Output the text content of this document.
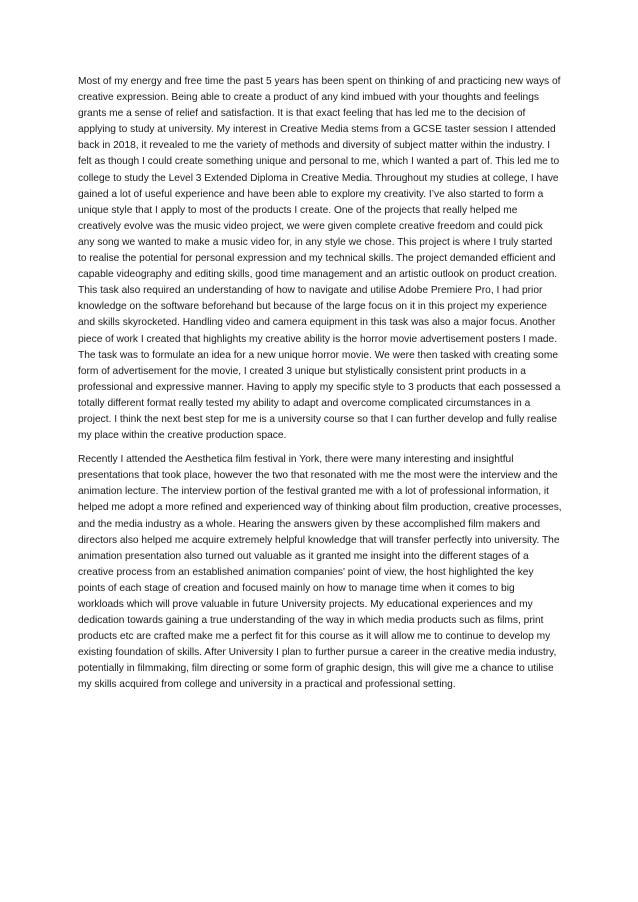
Most of my energy and free time the past 5 years has been spent on thinking of and practicing new ways of creative expression. Being able to create a product of any kind imbued with your thoughts and feelings grants me a sense of relief and satisfaction. It is that exact feeling that has led me to the decision of applying to study at university. My interest in Creative Media stems from a GCSE taster session I attended back in 2018, it revealed to me the variety of methods and diversity of subject matter within the industry. I felt as though I could create something unique and personal to me, which I wanted a part of. This led me to college to study the Level 3 Extended Diploma in Creative Media. Throughout my studies at college, I have gained a lot of useful experience and have been able to explore my creativity. I’ve also started to form a unique style that I apply to most of the products I create. One of the projects that really helped me creatively evolve was the music video project, we were given complete creative freedom and could pick any song we wanted to make a music video for, in any style we chose. This project is where I truly started to realise the potential for personal expression and my technical skills. The project demanded efficient and capable videography and editing skills, good time management and an artistic outlook on product creation. This task also required an understanding of how to navigate and utilise Adobe Premiere Pro, I had prior knowledge on the software beforehand but because of the large focus on it in this project my experience and skills skyrocketed. Handling video and camera equipment in this task was also a major focus. Another piece of work I created that highlights my creative ability is the horror movie advertisement posters I made. The task was to formulate an idea for a new unique horror movie. We were then tasked with creating some form of advertisement for the movie, I created 3 unique but stylistically consistent print products in a professional and expressive manner. Having to apply my specific style to 3 products that each possessed a totally different format really tested my ability to adapt and overcome complicated circumstances in a project. I think the next best step for me is a university course so that I can further develop and fully realise my place within the creative production space.

Recently I attended the Aesthetica film festival in York, there were many interesting and insightful presentations that took place, however the two that resonated with me the most were the interview and the animation lecture. The interview portion of the festival granted me with a lot of professional information, it helped me adopt a more refined and experienced way of thinking about film production, creative processes, and the media industry as a whole. Hearing the answers given by these accomplished film makers and directors also helped me acquire extremely helpful knowledge that will transfer perfectly into university. The animation presentation also turned out valuable as it granted me insight into the different stages of a creative process from an established animation companies' point of view, the host highlighted the key points of each stage of creation and focused mainly on how to manage time when it comes to big workloads which will prove valuable in future University projects. My educational experiences and my dedication towards gaining a true understanding of the way in which media products such as films, print products etc are crafted make me a perfect fit for this course as it will allow me to continue to develop my existing foundation of skills. After University I plan to further pursue a career in the creative media industry, potentially in filmmaking, film directing or some form of graphic design, this will give me a chance to utilise my skills acquired from college and university in a practical and professional setting.
